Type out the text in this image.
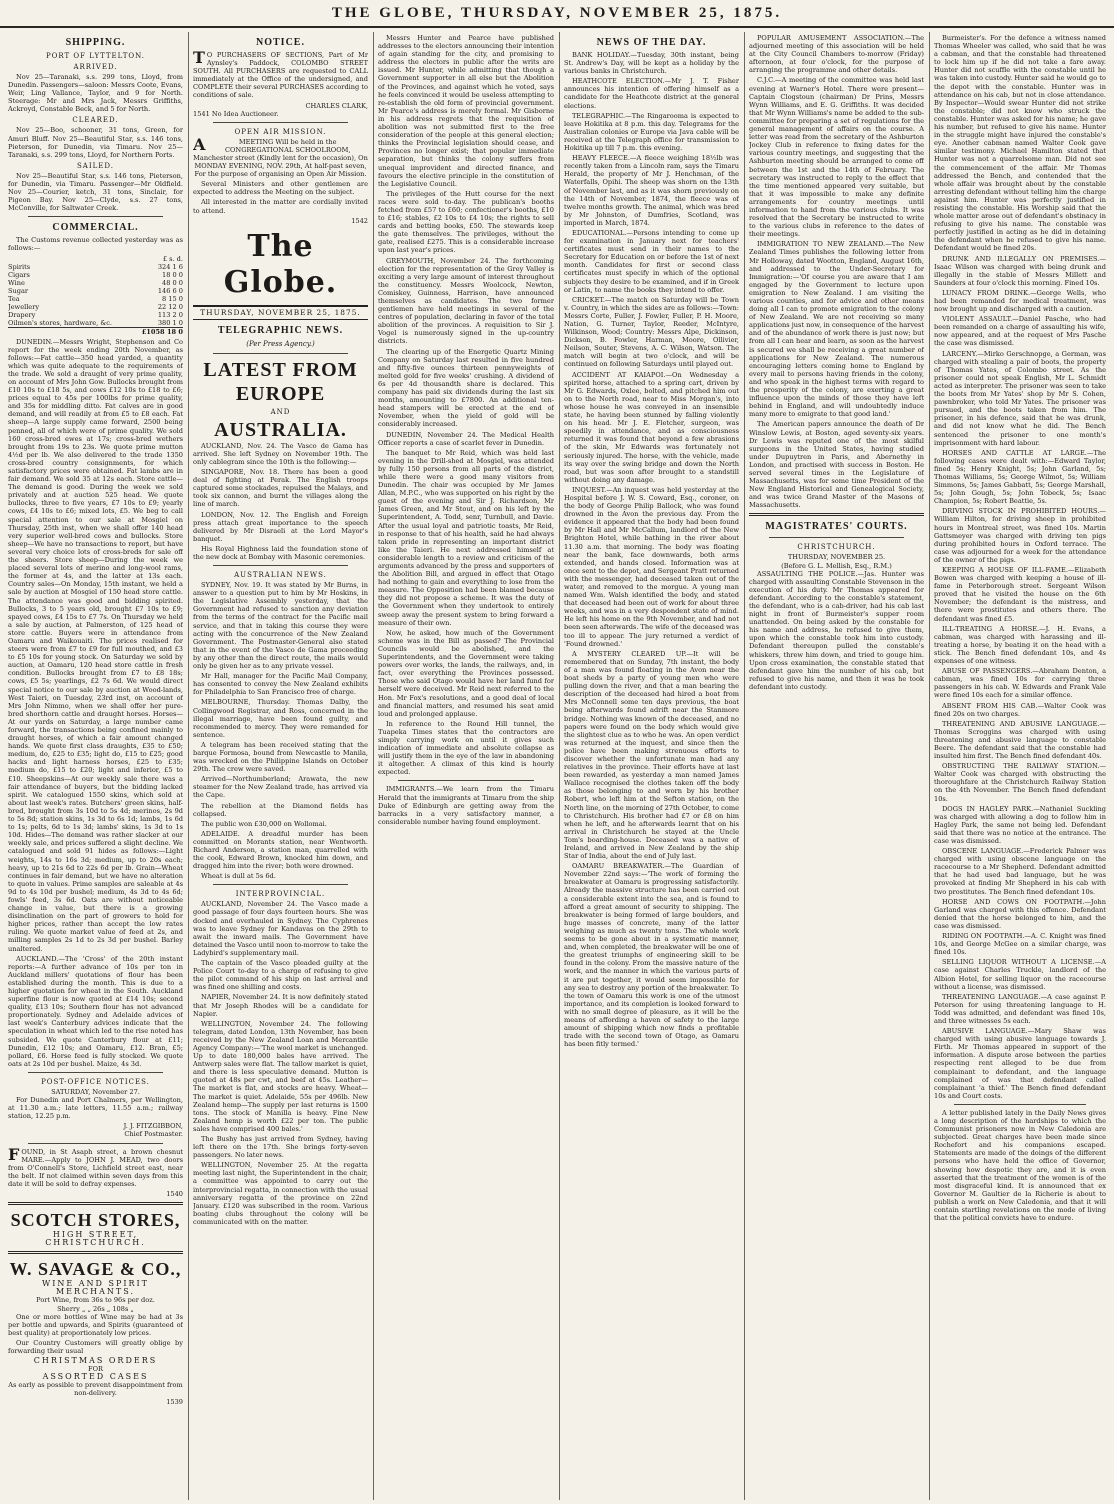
THE GLOBE, THURSDAY, NOVEMBER 25, 1875.
SHIPPING.
PORT OF LYTTELTON.
ARRIVED.

Nov 25—Taranaki, s.s. 299 tons, Lloyd, from Dunedin. Passengers—saloon: Messrs Coote, Evans, Weir, Ling Vallance, Taylor, and 9 for North. Steerage: Mr and Mrs Jack, Messrs Griffiths, Ackroyd, Constable Beck, and 5 for North.

CLEARED.

Nov 25—Boo, schooner, 31 tons, Green, for Amuri Bluff. Nov 25—Beautiful Star, s.s. 146 tons, Pieterson, for Dunedin, via Timaru. Nov 25—Taranaki, s.s. 299 tons, Lloyd, for Northern Ports.

SAILED.

Nov 25—Beautiful Star, s.s. 146 tons, Pieterson, for Dunedin, via Timaru. Passenger—Mr Oldfield. Nov 25—Courier, ketch, 31 tons, Sinclair, for Pigeon Bay. Nov 25—Clyde, s.s. 27 tons, McConville, for Saltwater Creek.

COMMERCIAL.

The Customs revenue collected yesterday was as follows:—

	£ s. d.
Spirits	324 1 6
Cigars	18 0 0
Wine	48 0 0
Sugar	146 6 0
Tea	8 15 0
Jewellery	22 12 0
Drapery	113 2 0
Oilmen's stores, hardware, &c.	380 1 0
	£1058 18 0

DUNEDIN.—Messrs Wright, Stephenson and Co report for the week ending 20th November, as follows:—Fat cattle—350 head yarded, a quantity which was quite adequate to the requirements of the trade. We sold a draught of very prime quality, on account of Mrs John Gow. Bullocks brought from £10 10s to £18 5s, and cows £12 10s to £18 to £6; prices equal to 45s per 100lbs for prime quality, and 35s for middling ditto. Fat calves are in good demand, and will readily at from £5 to £8 each. Fat sheep—A large supply came forward, 2500 being penned, all of which were of prime quality. We sold 160 cross-bred ewes at 17s; cross-bred wethers brought from 19s to 23s. We quote prime mutton 4½d per lb. We also delivered to the trade 1350 cross-bred country consignments, for which satisfactory prices were obtained. Fat lambs are in fair demand. We sold 35 at 12s each. Store cattle—The demand is good. During the week we sold privately and at auction 525 head. We quote bullocks, three to five years, £7 10s to £9; yearly cows, £4 10s to £6; mixed lots, £5. We beg to call special attention to our sale at Mosgiel on Thursday, 25th inst, when we shall offer 140 head very superior well-bred cows and bullocks. Store sheep—We have no transactions to report, but have several very choice lots of cross-breds for sale off the sheers. Store sheep—During the week we placed several lots of merino and long-wool rams, the former at 4s, and the latter at 13s each. Country sales—On Monday, 15th instant, we held a sale by auction at Mosgiel of 150 head store cattle. The attendance was good and bidding spirited. Bullocks, 3 to 5 years old, brought £7 10s to £9; spayed cows, £4 15s to £7 7s. On Thursday we held a sale by auction, at Palmerston, of 125 head of store cattle. Buyers were in attendance from Oamaru and Waikouaiti. The prices realised for steers were from £7 to £9 for full mouthed, and £3 to £5 10s for young stock. On Saturday we sold by auction, at Oamaru, 120 head store cattle in fresh condition. Bullocks brought from £7 to £8 18s; cows, £5 5s; yearlings, £2 7s 6d. We would direct special notice to our sale by auction at Wood-lands, West Taieri, on Tuesday, 23rd inst, on account of Mrs John Nimmo, when we shall offer her pure-bred shorthorn cattle and draught horses. Horses—At our yards on Saturday, a large number came forward, the transactions being confined mainly to draught horses, of which a fair amount changed hands. We quote first class draughts, £35 to £50; medium, do, £25 to £35; light do, £15 to £25; good hacks and light harness horses, £25 to £35; medium do, £15 to £20; light and inferior, £5 to £10. Sheepskins—At our weekly sale there was a fair attendance of buyers, but the bidding lacked spirit. We catalogued 1550 skins, which sold at about last week's rates. Butchers' green skins, half-bred, brought from 3s 10d to 5s 4d; merinos, 2s 9d to 5s 8d; station skins, 1s 3d to 6s 1d; lambs, 1s 6d to 1s; pelts, 6d to 1s 3d; lambs' skins, 1s 3d to 1s 10d. Hides—The demand was rather slacker at our weekly sale, and prices suffered a slight decline. We catalogued and sold 91 hides as follows:—Light weights, 14s to 16s 3d; medium, up to 20s each; heavy, up to 21s 6d to 22s 6d per lb. Grain—Wheat continues in fair demand, but we have no alteration to quote in values. Prime samples are saleable at 4s 9d to 4s 10d per bushel; medium, 4s 3d to 4s 6d; fowls' feed, 3s 6d. Oats are without noticeable change in value, but there is a growing disinclination on the part of growers to hold for higher prices, rather than accept the low rates ruling. We quote market value of feed at 2s, and milling samples 2s 1d to 2s 3d per bushel. Barley unaltered.

AUCKLAND.—The 'Cross' of the 20th instant reports:—A further advance of 10s per ton in Auckland millers' quotations of flour has been established during the month. This is due to a higher quotation for wheat in the South. Auckland superfine flour is now quoted at £14 10s; second quality, £13 10s; Southern flour has not advanced proportionately. Sydney and Adelaide advices of last week's Canterbury advices indicate that the speculation in wheat which led to the rise noted has subsided. We quote Canterbury flour at £11; Dunedin, £12 10s; and Oamaru, £12. Bran, £5; pollard, £6. Horse feed is fully stocked. We quote oats at 2s 10d per bushel. Maize, 4s 3d.

POST-OFFICE NOTICES.
SATURDAY, November 27.

For Dunedin and Port Chalmers, per Wellington, at 11.30 a.m.; late letters, 11.55 a.m.; railway station, 12.25 p.m.

J. J. FITZGIBBON,
Chief Postmaster.

FOUND, in St Asaph street, a brown chesnut MARE.—Apply to JOHN J. MEAD, two doors from O'Connell's Store, Lichfield street east, near the belt. If not claimed within seven days from this date it will be sold to defray expenses.

1540
SCOTCH STORES,
HIGH STREET, CHRISTCHURCH.
W. SAVAGE & CO.,
WINE AND SPIRIT
MERCHANTS.
Port Wine, from 36s to 96s per doz.
Sherry „ „ 26s „ 108s „

One or more bottles of Wine may be had at 3s per bottle and upwards, and Spirits (guaranteed of best quality) at proportionately low prices.

Our Country Customers will greatly oblige by forwarding their usual

CHRISTMAS ORDERS
FOR
ASSORTED CASES
As early as possible to prevent disappointment from non-delivery.
1539
NOTICE.

T O PURCHASERS OF SECTIONS, Part of Mr Aynsley's Paddock, COLOMBO STREET SOUTH. All PURCHASERS are requested to CALL immediately at the Office of the undersigned, and COMPLETE their several PURCHASES according to conditions of sale.

CHARLES CLARK,
1541 No Idea Auctioneer.
OPEN AIR MISSION.

A	MEETING Will be held in the CONGREGATIONAL SCHOOLROOM, Manchester street (Kindly lent for the occasion), On MONDAY EVENING, NOV. 29th, At half-past seven, For the purpose of organising an Open Air Mission.

Several Ministers and other gentlemen are expected to address the Meeting on the subject.

All interested in the matter are cordially invited to attend.

1542
The Globe.
THURSDAY, NOVEMBER 25, 1875.
TELEGRAPHIC NEWS.
(Per Press Agency.)
LATEST FROM EUROPE
AND
AUSTRALIA.

AUCKLAND, Nov. 24. The Vasco de Gama has arrived. She left Sydney on November 19th. The only cablegram since the 10th is the following:—

SINGAPORE, Nov. 18. There has been a good deal of fighting at Perak. The English troops captured some stockades, repulsed the Malays, and took six cannon, and burnt the villages along the line of march.

LONDON, Nov. 12. The English and Foreign press attach great importance to the speech delivered by Mr Disraeli at the Lord Mayor's banquet.

His Royal Highness laid the foundation stone of the new dock at Bombay with Masonic ceremonies.

AUSTRALIAN NEWS.

SYDNEY, Nov. 19. It was stated by Mr Burns, in answer to a question put to him by Mr Hoskins, in the Legislative Assembly yesterday, that the Government had refused to sanction any deviation from the terms of the contract for the Pacific mail service, and that in taking this course they were acting with the concurrence of the New Zealand Government. The Postmaster-General also stated that in the event of the Vasco de Gama proceeding by any other than the direct route, the mails would only be given her as to any private vessel.

Mr Hall, manager for the Pacific Mail Company, has consented to convey the New Zealand exhibits for Philadelphia to San Francisco free of charge.

MELBOURNE, Thursday. Thomas Dalby, the Collingwood Registrar, and Ross, concerned in the illegal marriage, have been found guilty, and recommended to mercy. They were remanded for sentence.

A telegram has been received stating that the barque Formosa, bound from Newcastle to Manila, was wrecked on the Philippine Islands on October 29th. The crew were saved.

Arrived—Northumberland; Arawata, the new steamer for the New Zealand trade, has arrived via the Cape.

The rebellion at the Diamond fields has collapsed.

The public won £30,000 on Wollomai.

ADELAIDE. A dreadful murder has been committed on Morants station, near Wentworth. Richard Anderson, a station man, quarrelled with the cook, Edward Brown, knocked him down, and dragged him into the river; both were drowned.

Wheat is dull at 5s 6d.

INTERPROVINCIAL.

AUCKLAND, November 24. The Vasco made a good passage of four days fourteen hours. She was docked and overhauled in Sydney. The Cyphrenes was to leave Sydney for Kandavas on the 29th to await the inward mails. The Government have detained the Vasco until noon to-morrow to take the Ladybird's supplementary mail.

The captain of the Vasco pleaded guilty at the Police Court to-day to a charge of refusing to give the pilot command of his ship on last arrival and was fined one shilling and costs.

NAPIER, November 24. It is now definitely stated that Mr Joseph Rhodes will be a candidate for Napier.

WELLINGTON, November 24. The following telegram, dated London, 13th November, has been received by the New Zealand Loan and Mercantile Agency Company:—'The wool market is unchanged. Up to date 180,000 bales have arrived. The Antwerp sales were flat. The tallow market is quiet, and there is less speculative demand. Mutton is quoted at 48s per cwt, and beef at 45s. Leather—The market is flat, and stocks are heavy. Wheat—The market is quiet. Adelaide, 55s per 496lb. New Zealand hemp—The supply per last returns is 1500 tons. The stock of Manilla is heavy. Fine New Zealand hemp is worth £22 per ton. The public sales have comprised 400 bales.'

The Bushy has just arrived from Sydney, having left there on the 17th. She brings forty-seven passengers. No later news.

WELLINGTON, November 25. At the regatta meeting last night, the Superintendent in the chair, a committee was appointed to carry out the interprovincial regatta, in connection with the usual anniversary regatta of the province on 22nd January. £120 was subscribed in the room. Various boating clubs throughout the colony will be communicated with on the matter.

Messrs Hunter and Pearce have published addresses to the electors announcing their intention of again standing for the city, and promising to address the electors in public after the writs are issued. Mr Hunter, while admitting that though a Government supporter in all else but the Abolition of the Provinces, and against which he voted, says he feels convinced it would be useless attempting to re-establish the old form of provincial government. Mr Pearce's address is merely formal. Mr Gisborne in his address regrets that the requisition of abolition was not submitted first to the free consideration of the people at this general election; thinks the Provincial legislation should cease, and Provinces no longer exist; that popular immediate separation, but thinks the colony suffers from unequal improvident and directed finance, and favours the elective principle in the constitution of the Legislative Council.

The privileges of the Hutt course for the next races were sold to-day. The publican's booths fetched from £57 to £60; confectioner's booths, £10 to £16; stables, £2 10s to £4 10s; the rights to sell cards and betting books, £50. The stewards keep the gate themselves. The privileges, without the gate, realised £275. This is a considerable increase upon last year's prices.

GREYMOUTH, November 24. The forthcoming election for the representation of the Grey Valley is exciting a very large amount of interest throughout the constituency. Messrs Woolcock, Newton, Comiskey, Guinness, Harrison, have announced themselves as candidates. The two former gentlemen have held meetings in several of the centres of population, declaring in favor of the total abolition of the provinces. A requisition to Sir J. Vogel is numerously signed in the up-country districts.

The clearing up of the Energetic Quartz Mining Company on Saturday last resulted in five hundred and fifty-five ounces thirteen pennyweights of melted gold for five weeks' crushing. A dividend of 6s per 4d thousandth share is declared. This company has paid six dividends during the last six months, amounting to £7800. An additional ten-head stampers will be erected at the end of November, when the yield of gold will be considerably increased.

DUNEDIN, November 24. The Medical Health Officer reports a case of scarlet fever in Dunedin.

The banquet to Mr Reid, which was held last evening in the Drill-shed at Mosgiel, was attended by fully 150 persons from all parts of the district, while there were a good many visitors from Dunedin. The chair was occupied by Mr James Allan, M.P.C., who was supported on his right by the guest of the evening and Sir J. Richardson, Mr James Green, and Mr Stout, and on his left by the Superintendent, A. Todd, senr, Turnbull, and Davie. After the usual loyal and patriotic toasts, Mr Reid, in response to that of his health, said he had always taken pride in representing an important district like the Taieri. He next addressed himself at considerable length to a review and criticism of the arguments advanced by the press and supporters of the Abolition Bill, and argued in effect that Otago had nothing to gain and everything to lose from the measure. The Opposition had been blamed because they did not propose a scheme. It was the duty of the Government when they undertook to entirely sweep away the present system to bring forward a measure of their own.

Now, he asked, how much of the Government scheme was in the Bill as passed? The Provincial Councils would be abolished, and the Superintendents, and the Government were taking powers over works, the lands, the railways, and, in fact, over everything the Provinces possessed. Those who said Otago would have her land fund for herself were deceived. Mr Reid next referred to the Hon. Mr Fox's resolutions, and a good deal of local and financial matters, and resumed his seat amid loud and prolonged applause.

In reference to the Round Hill tunnel, the Tuapeka Times states that the contractors are simply carrying work on until it gives such indication of immediate and absolute collapse as will justify them in the eye of the law in abandoning it altogether. A climax of this kind is hourly expected.

IMMIGRANTS.—We learn from the Timaru Herald that the immigrants at Timaru from the ship Duke of Edinburgh are getting away from the barracks in a very satisfactory manner, a considerable number having found employment.

NEWS OF THE DAY.

BANK HOLIDAY.—Tuesday, 30th instant, being St. Andrew's Day, will be kept as a holiday by the various banks in Christchurch.

HEATHCOTE ELECTION.—Mr J. T. Fisher announces his intention of offering himself as a candidate for the Heathcote district at the general elections.

TELEGRAPHIC.—The Ringarooma is expected to leave Hokitika at 8 p.m. this day. Telegrams for the Australian colonies or Europe via Java cable will be received at the Telegraph office for transmission to Hokitika up till 7 p.m. this evening.

HEAVY FLEECE.—A fleece weighing 18½lb was recently taken from a Lincoln ram, says the Timaru Herald, the property of Mr J. Henchman, of the Waterfalls, Opihi. The sheep was shorn on the 13th of November last, and as it was shorn previously on the 14th of November, 1874, the fleece was of twelve months growth. The animal, which was bred by Mr Johnston, of Dumfries, Scotland, was imported in March, 1874.

EDUCATIONAL.—Persons intending to come up for examination in January next for teachers' certificates must send in their names to the Secretary for Education on or before the 1st of next month. Candidates for first or second class certificates must specify in which of the optional subjects they desire to be examined, and if in Greek or Latin, to name the books they intend to offer.

CRICKET.—The match on Saturday will be Town v. Country, in which the sides are as follows:—Town: Messrs Corte, Fuller, J. Fowler, Fuller, P. H. Moore, Nation, G. Turner, Taylor, Reeder, McIntyre, Wilkinson, Wood; Country: Messrs Alpe, Dickinson, Dickson, B. Fowler, Harman, Moore, Ollivier, Neilson, Souter, Stevens, A. C. Wilson, Watson. The match will begin at two o'clock, and will be continued on following Saturdays until played out.

ACCIDENT AT KAIAPOI.—On Wednesday a spirited horse, attached to a spring cart, driven by Mr G. Edwards, Oxlee, bolted, and pitched him out on to the North road, near to Miss Morgan's, into whose house he was conveyed in an insensible state, he having been stunned by falling violently on his head. Mr J. E. Fletcher, surgeon, was speedily in attendance, and as consciousness returned it was found that beyond a few abrasions of the skin, Mr Edwards was fortunately not seriously injured. The horse, with the vehicle, made its way over the swing bridge and down the North road, but was soon after brought to a standstill without doing any damage.

INQUEST.—An inquest was held yesterday at the Hospital before J. W. S. Coward, Esq., coroner, on the body of George Philip Ballock, who was found drowned in the Avon the previous day. From the evidence it appeared that the body had been found by Mr Hall and Mr McCallum, landlord of the New Brighton Hotel, while bathing in the river about 11.30 a.m. that morning. The body was floating near the bank, face downwards, both arms extended, and hands closed. Information was at once sent to the depot, and Sergeant Pratt returned with the messenger, had deceased taken out of the water, and removed to the morgue. A young man named Wm. Walsh identified the body, and stated that deceased had been out of work for about three weeks, and was in a very despondent state of mind. He left his home on the 9th November, and had not been seen afterwards. The wife of the deceased was too ill to appear. The jury returned a verdict of 'Found drowned.'

A MYSTERY CLEARED UP.—It will be remembered that on Sunday, 7th instant, the body of a man was found floating in the Avon near the boat sheds by a party of young men who were pulling down the river, and that a man bearing the description of the deceased had hired a boat from Mrs McConnell some ten days previous, the boat being afterwards found adrift near the Stanmore bridge. Nothing was known of the deceased, and no papers were found on the body which would give the slightest clue as to who he was. An open verdict was returned at the inquest, and since then the police have been making strenuous efforts to discover whether the unfortunate man had any relatives in the province. Their efforts have at last been rewarded, as yesterday a man named James Wallace recognised the clothes taken off the body as those belonging to and worn by his brother Robert, who left him at the Sefton station, on the North line, on the morning of 27th October, to come to Christchurch. His brother had £7 or £8 on him when he left, and he afterwards learnt that on his arrival in Christchurch he stayed at the Uncle Tom's boarding-house. Deceased was a native of Ireland, and arrived in New Zealand by the ship Star of India, about the end of July last.

OAMARU BREAKWATER.—The Guardian of November 22nd says:—'The work of forming the breakwater at Oamaru is progressing satisfactorily. Already the massive structure has been carried out a considerable extent into the sea, and is found to afford a great amount of security to shipping. The breakwater is being formed of large boulders, and huge masses of concrete, many of the latter weighing as much as twenty tons. The whole work seems to be gone about in a systematic manner, and, when completed, the breakwater will be one of the greatest triumphs of engineering skill to be found in the colony. From the massive nature of the work, and the manner in which the various parts of it are put together, it would seem impossible for any sea to destroy any portion of the breakwater. To the town of Oamaru this work is one of the utmost importance, and its completion is looked forward to with no small degree of pleasure, as it will be the means of affording a haven of safety to the large amount of shipping which now finds a profitable trade with the second town of Otago, as Oamaru has been fitly termed.'

POPULAR AMUSEMENT ASSOCIATION.—The adjourned meeting of this association will be held at the City Council Chambers to-morrow (Friday) afternoon, at four o'clock, for the purpose of arranging the programme and other details.

C.J.C.—A meeting of the committee was held last evening at Warner's Hotel. There were present—Captain Clogstoun (chairman) Dr Prins, Messrs Wynn Williams, and E. G. Griffiths. It was decided that Mr Wynn Williams's name be added to the sub-committee for preparing a set of regulations for the general management of affairs on the course. A letter was read from the secretary of the Ashburton Jockey Club in reference to fixing dates for the various country meetings, and suggesting that the Ashburton meeting should be arranged to come off between the 1st and the 14th of February. The secretary was instructed to reply to the effect that the time mentioned appeared very suitable, but that it was impossible to make any definite arrangements for country meetings until information to hand from the various clubs. It was resolved that the Secretary be instructed to write to the various clubs in reference to the dates of their meetings.

IMMIGRATION TO NEW ZEALAND.—The New Zealand Times publishes the following letter from Mr Holloway, dated Wootton, England, August 16th, and addressed to the Under-Secretary for Immigration:—'Of course you are aware that I am engaged by the Government to lecture upon emigration to New Zealand. I am visiting the various counties, and for advice and other means doing all I can to promote emigration to the colony of New Zealand. We are not receiving so many applications just now, in consequence of the harvest and of the abundance of work there is just now; but from all I can hear and learn, as soon as the harvest is secured we shall be receiving a great number of applications for New Zealand. The numerous encouraging letters coming home to England by every mail to persons having friends in the colony, and who speak in the highest terms with regard to the prosperity of the colony, are exerting a great influence upon the minds of those they have left behind in England, and will undoubtedly induce many more to emigrate to that good land.'

The American papers announce the death of Dr Winslow Lewis, at Boston, aged seventy-six years. Dr Lewis was reputed one of the most skilful surgeons in the United States, having studied under Dupuytren in Paris, and Abernethy in London, and practised with success in Boston. He served several times in the Legislature of Massachusetts, was for some time President of the New England Historical and Genealogical Society, and was twice Grand Master of the Masons of Massachusetts.

MAGISTRATES' COURTS.
CHRISTCHURCH.
THURSDAY, NOVEMBER 25.
(Before G. L. Mellish, Esq., R.M.)

ASSAULTING THE POLICE.—Jas. Hunter was charged with assaulting Constable Stevenson in the execution of his duty. Mr Thomas appeared for defendant. According to the constable's statement, the defendant, who is a cab-driver, had his cab last night in front of Burmeister's supper room unattended. On being asked by the constable for his name and address, he refused to give them, upon which the constable took him into custody. Defendant thereupon pulled the constable's whiskers, threw him down, and tried to gouge him. Upon cross examination, the constable stated that defendant gave him the number of his cab, but refused to give his name, and then it was he took defendant into custody.

Burmeister's. For the defence a witness named Thomas Wheeler was called, who said that he was a cabman, and that the constable had threatened to lock him up if he did not take a fare away. Hunter did not scuffle with the constable until he was taken into custody. Hunter said he would go to the depot with the constable. Hunter was in attendance on his cab, but not in close attendance. By Inspector—Would swear Hunter did not strike the constable; did not know who struck the constable. Hunter was asked for his name; he gave his number, but refused to give his name. Hunter in the struggle might have injured the constable's eye. Another cabman named Walter Cook gave similar testimony. Michael Hamilton stated that Hunter was not a quarrelsome man. Did not see the commencement of the affair. Mr Thomas addressed the Bench, and contended that the whole affair was brought about by the constable arresting defendant without telling him the charge against him. Hunter was perfectly justified in resisting the constable. His Worship said that the whole matter arose out of defendant's obstinacy in refusing to give his name. The constable was perfectly justified in acting as he did in detaining the defendant when he refused to give his name. Defendant would be fined 20s.

DRUNK AND ILLEGALLY ON PREMISES.—Isaac Wilson was charged with being drunk and illegally in the stable of Messrs Millett and Saunders at four o'clock this morning. Fined 10s.

LUNACY FROM DRINK.—George Wells, who had been remanded for medical treatment, was now brought up and discharged with a caution.

VIOLENT ASSAULT.—Daniel Pasche, who had been remanded on a charge of assaulting his wife, now appeared, and at the request of Mrs Pasche the case was dismissed.

LARCENY.—Mirko Gerschnopge, a German, was charged with stealing a pair of boots, the property of Thomas Yates, of Colombo street. As the prisoner could not speak English, Mr L. Schmidt acted as interpreter. The prisoner was seen to take the boots from Mr Yates' shop by Mr S. Cohen, pawnbroker, who told Mr Yates. The prisoner was pursued, and the boots taken from him. The prisoner, in his defence, said that he was drunk, and did not know what he did. The Bench sentenced the prisoner to one month's imprisonment with hard labour.

HORSES AND CATTLE AT LARGE.—The following cases were dealt with:—Edward Taylor, fined 5s; Henry Knight, 5s; John Garland, 5s; Thomas Williams, 5s; George Wilmot, 5s; William Simmons, 5s; James Gabbatt, 5s; George Marshall, 5s; John Gough, 5s; John Tobeck, 5s; Isaac Champion, 5s; Robert Beattie, 5s.

DRIVING STOCK IN PROHIBITED HOURS.—William Hilton, for driving sheep in prohibited hours in Montreal street, was fined 10s. Martin Gattsmeyer was charged with driving ten pigs during prohibited hours in Oxford terrace. The case was adjourned for a week for the attendance of the owner of the pigs.

KEEPING A HOUSE OF ILL-FAME.—Elizabeth Bowen was charged with keeping a house of ill-fame in Peterborough street. Sergeant Wilson proved that he visited the house on the 6th November; the defendant is the mistress, and there were prostitutes and others there. The defendant was fined £5.

ILL-TREATING A HORSE.—J. H. Evans, a cabman, was charged with harassing and ill-treating a horse, by beating it on the head with a stick. The Bench fined defendant 10s, and 4s expenses of one witness.

ABUSE OF PASSENGERS.—Abraham Denton, a cabman, was fined 10s for carrying three passengers in his cab. W. Edwards and Frank Vale were fined 10s each for a similar offence.

ABSENT FROM HIS CAB.—Walter Cook was fined 20s on two charges.

THREATENING AND ABUSIVE LANGUAGE.—Thomas Scroggins was charged with using threatening and abusive language to constable Beere. The defendant said that the constable had insulted him first. The Bench fined defendant 40s.

OBSTRUCTING THE RAILWAY STATION.—Walter Cook was charged with obstructing the thoroughfare at the Christchurch Railway Station on the 4th November. The Bench fined defendant 10s.

DOGS IN HAGLEY PARK.—Nathaniel Suckling was charged with allowing a dog to follow him in Hagley Park, the same not being led. Defendant said that there was no notice at the entrance. The case was dismissed.

OBSCENE LANGUAGE.—Frederick Palmer was charged with using obscene language on the racecourse to a Mr Shepherd. Defendant admitted that he had used bad language, but he was provoked at finding Mr Shepherd in his cab with two prostitutes. The Bench fined defendant 10s.

HORSE AND COWS ON FOOTPATH.—John Garland was charged with this offence. Defendant denied that the horse belonged to him, and the case was dismissed.

RIDING ON FOOTPATH.—A. C. Knight was fined 10s, and George McGee on a similar charge, was fined 10s.

SELLING LIQUOR WITHOUT A LICENSE.—A case against Charles Truckle, landlord of the Albion Hotel, for selling liquor on the racecourse without a license, was dismissed.

THREATENING LANGUAGE.—A case against P. Peterson for using threatening language to H. Todd was admitted, and defendant was fined 10s, and three witnesses 5s each.

ABUSIVE LANGUAGE.—Mary Shaw was charged with using abusive language towards J. Firth. Mr Thomas appeared in support of the information. A dispute arose between the parties respecting rent alleged to be due from complainant to defendant, and the language complained of was that defendant called complainant 'a thief.' The Bench fined defendant 10s and Court costs.

A letter published lately in the Daily News gives a long description of the hardships to which the Communist prisoners now in New Caledonia are subjected. Great charges have been made since Rochefort and his companions escaped. Statements are made of the doings of the different persons who have held the office of Governor, showing how despotic they are, and it is even asserted that the treatment of the women is of the most disgraceful kind. It is announced that ex Governor M. Gaultier de la Richerie is about to publish a work on New Caledonia, and that it will contain startling revelations on the mode of living that the political convicts have to endure.
